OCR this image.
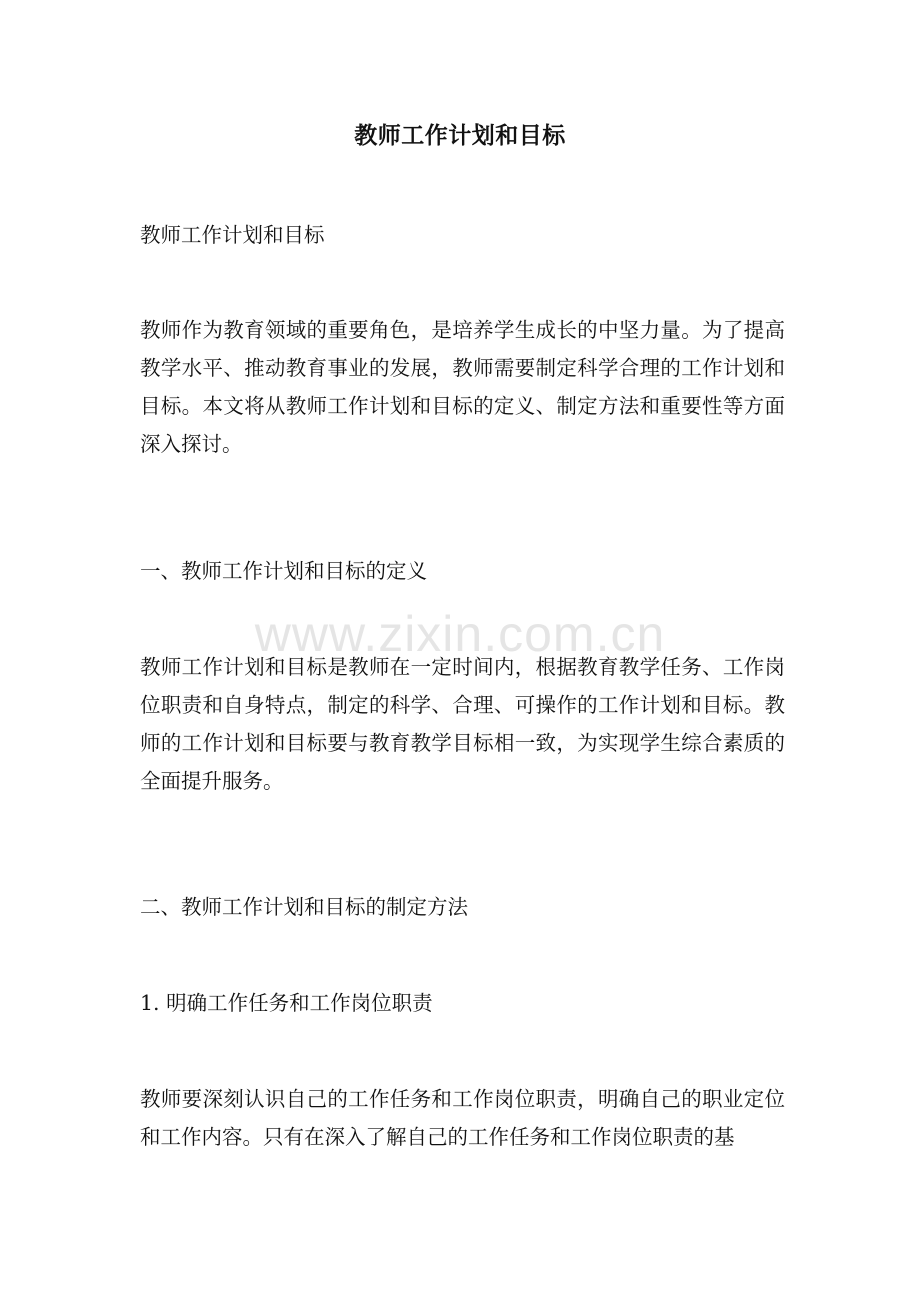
教师工作计划和目标

教师工作计划和目标

教师作为教育领域的重要角色，是培养学生成长的中坚力量。为了提高教学水平、推动教育事业的发展，教师需要制定科学合理的工作计划和目标。本文将从教师工作计划和目标的定义、制定方法和重要性等方面深入探讨。

一、教师工作计划和目标的定义

教师工作计划和目标是教师在一定时间内，根据教育教学任务、工作岗位职责和自身特点，制定的科学、合理、可操作的工作计划和目标。教师的工作计划和目标要与教育教学目标相一致，为实现学生综合素质的全面提升服务。

二、教师工作计划和目标的制定方法

1. 明确工作任务和工作岗位职责

教师要深刻认识自己的工作任务和工作岗位职责，明确自己的职业定位和工作内容。只有在深入了解自己的工作任务和工作岗位职责的基

www.zixin.com.cn
